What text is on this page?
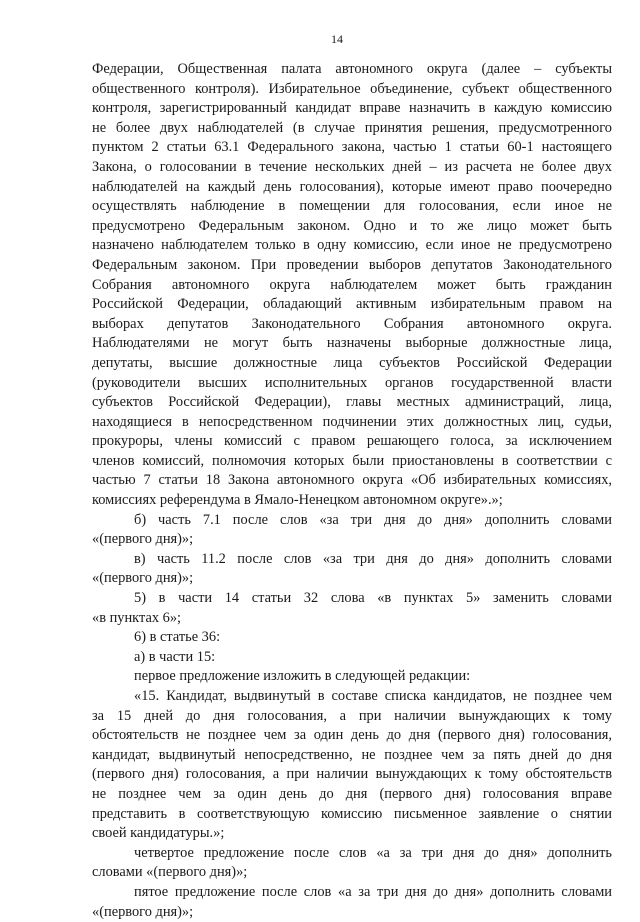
14
Федерации, Общественная палата автономного округа (далее – субъекты
общественного контроля). Избирательное объединение, субъект общественного
контроля, зарегистрированный кандидат вправе назначить в каждую комиссию
не более двух наблюдателей (в случае принятия решения, предусмотренного
пунктом 2 статьи 63.1 Федерального закона, частью 1 статьи 60-1 настоящего
Закона, о голосовании в течение нескольких дней – из расчета не более двух
наблюдателей на каждый день голосования), которые имеют право поочередно
осуществлять наблюдение в помещении для голосования, если иное не
предусмотрено Федеральным законом. Одно и то же лицо может быть
назначено наблюдателем только в одну комиссию, если иное не предусмотрено
Федеральным законом. При проведении выборов депутатов Законодательного
Собрания автономного округа наблюдателем может быть гражданин
Российской Федерации, обладающий активным избирательным правом на
выборах депутатов Законодательного Собрания автономного округа.
Наблюдателями не могут быть назначены выборные должностные лица,
депутаты, высшие должностные лица субъектов Российской Федерации
(руководители высших исполнительных органов государственной власти
субъектов Российской Федерации), главы местных администраций, лица,
находящиеся в непосредственном подчинении этих должностных лиц, судьи,
прокуроры, члены комиссий с правом решающего голоса, за исключением
членов комиссий, полномочия которых были приостановлены в соответствии с
частью 7 статьи 18 Закона автономного округа «Об избирательных комиссиях,
комиссиях референдума в Ямало-Ненецком автономном округе».»;
б) часть 7.1 после слов «за три дня до дня» дополнить словами
«(первого дня)»;
в) часть 11.2 после слов «за три дня до дня» дополнить словами
«(первого дня)»;
5) в части 14 статьи 32 слова «в пунктах 5» заменить словами
«в пунктах 6»;
6) в статье 36:
а) в части 15:
первое предложение изложить в следующей редакции:
«15. Кандидат, выдвинутый в составе списка кандидатов, не позднее чем
за 15 дней до дня голосования, а при наличии вынуждающих к тому
обстоятельств не позднее чем за один день до дня (первого дня) голосования,
кандидат, выдвинутый непосредственно, не позднее чем за пять дней до дня
(первого дня) голосования, а при наличии вынуждающих к тому обстоятельств
не позднее чем за один день до дня (первого дня) голосования вправе
представить в соответствующую комиссию письменное заявление о снятии
своей кандидатуры.»;
четвертое предложение после слов «а за три дня до дня» дополнить
словами «(первого дня)»;
пятое предложение после слов «а за три дня до дня» дополнить словами
«(первого дня)»;
